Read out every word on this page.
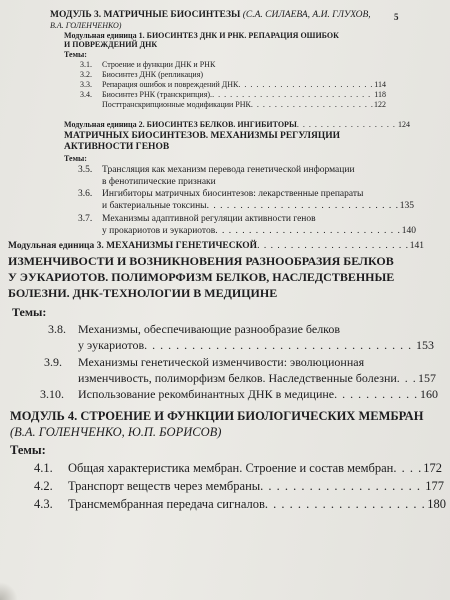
МОДУЛЬ 3. МАТРИЧНЫЕ БИОСИНТЕЗЫ (С.А. СИЛАЕВА, А.И. ГЛУХОВ,	5
В.А. ГОЛЕНЧЕНКО)
Модульная единица 1. БИОСИНТЕЗ ДНК И РНК. РЕПАРАЦИЯ ОШИБОК
И ПОВРЕЖДЕНИЙ ДНК
Темы:
3.1.	Строение и функции ДНК и РНК
3.2.	Биосинтез ДНК (репликация)
3.3.	Репарация ошибок и повреждений ДНК . . .	114
3.4.	Биосинтез РНК (транскрипция). . . .	118
Посттранскрипционные модификации РНК . . .	122
Модульная единица 2. БИОСИНТЕЗ БЕЛКОВ. ИНГИБИТОРЫ . . .	124
МАТРИЧНЫХ БИОСИНТЕЗОВ. МЕХАНИЗМЫ РЕГУЛЯЦИИ
АКТИВНОСТИ ГЕНОВ
Темы:
3.5. Трансляция как механизм перевода генетической информации
в фенотипические признаки
3.6. Ингибиторы матричных биосинтезов: лекарственные препараты
и бактериальные токсины . . .	135
3.7. Механизмы адаптивной регуляции активности генов
у прокариотов и эукариотов . . .	140
Модульная единица 3. МЕХАНИЗМЫ ГЕНЕТИЧЕСКОЙ . . .	141
ИЗМЕНЧИВОСТИ И ВОЗНИКНОВЕНИЯ РАЗНООБРАЗИЯ БЕЛКОВ
У ЭУКАРИОТОВ. ПОЛИМОРФИЗМ БЕЛКОВ, НАСЛЕДСТВЕННЫЕ
БОЛЕЗНИ. ДНК-ТЕХНОЛОГИИ В МЕДИЦИНЕ
Темы:
3.8. Механизмы, обеспечивающие разнообразие белков
у эукариотов . . .	153
3.9. Механизмы генетической изменчивости: эволюционная
изменчивость, полиморфизм белков. Наследственные болезни . . . 157
3.10.	Использование рекомбинантных ДНК в медицине . . .	160
МОДУЛЬ 4. СТРОЕНИЕ И ФУНКЦИИ БИОЛОГИЧЕСКИХ МЕМБРАН
(В.А. ГОЛЕНЧЕНКО, Ю.П. БОРИСОВ)
Темы:
4.1.	Общая характеристика мембран. Строение и состав мембран . . . 172
4.2.	Транспорт веществ через мембраны . . .	177
4.3.	Трансмембранная передача сигналов . . .	180
